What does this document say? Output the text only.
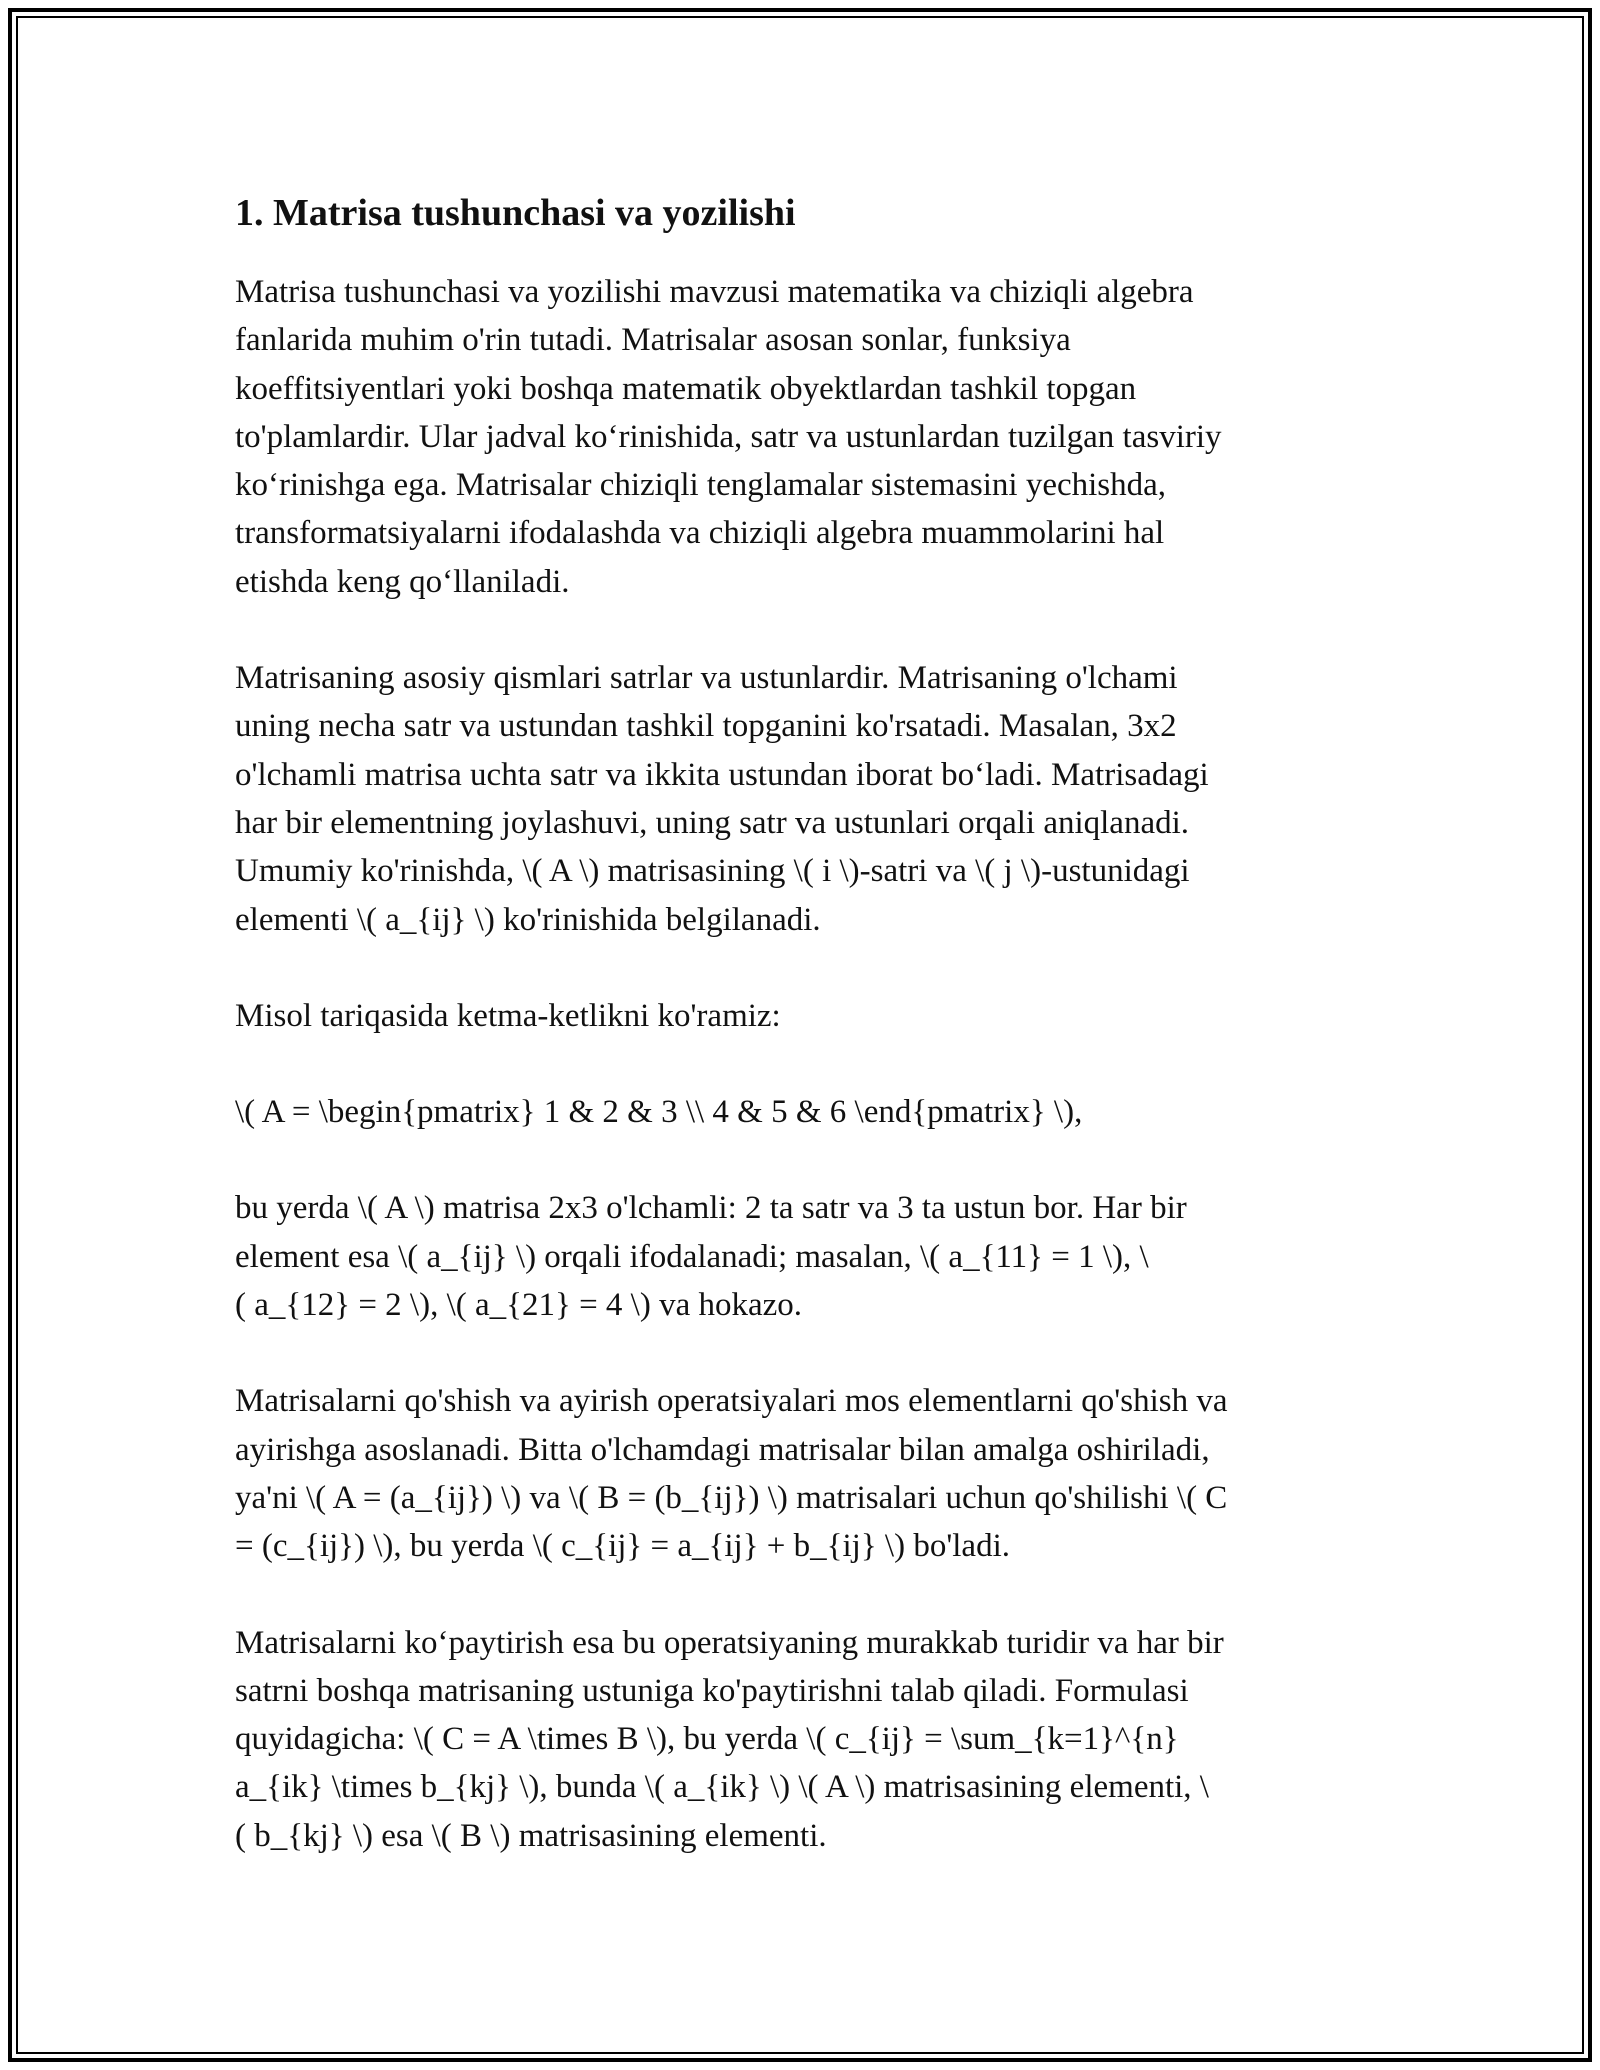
1. Matrisa tushunchasi va yozilishi

Matrisa tushunchasi va yozilishi mavzusi matematika va chiziqli algebra
fanlarida muhim o'rin tutadi. Matrisalar asosan sonlar, funksiya
koeffitsiyentlari yoki boshqa matematik obyektlardan tashkil topgan
to'plamlardir. Ular jadval ko‘rinishida, satr va ustunlardan tuzilgan tasviriy
ko‘rinishga ega. Matrisalar chiziqli tenglamalar sistemasini yechishda,
transformatsiyalarni ifodalashda va chiziqli algebra muammolarini hal
etishda keng qo‘llaniladi.

Matrisaning asosiy qismlari satrlar va ustunlardir. Matrisaning o'lchami
uning necha satr va ustundan tashkil topganini ko'rsatadi. Masalan, 3x2
o'lchamli matrisa uchta satr va ikkita ustundan iborat bo‘ladi. Matrisadagi
har bir elementning joylashuvi, uning satr va ustunlari orqali aniqlanadi.
Umumiy ko'rinishda, \( A \) matrisasining \( i \)-satri va \( j \)-ustunidagi
elementi \( a_{ij} \) ko'rinishida belgilanadi.

Misol tariqasida ketma-ketlikni ko'ramiz:

\( A = \begin{pmatrix} 1 & 2 & 3 \\ 4 & 5 & 6 \end{pmatrix} \),

bu yerda \( A \) matrisa 2x3 o'lchamli: 2 ta satr va 3 ta ustun bor. Har bir
element esa \( a_{ij} \) orqali ifodalanadi; masalan, \( a_{11} = 1 \), \
( a_{12} = 2 \), \( a_{21} = 4 \) va hokazo.

Matrisalarni qo'shish va ayirish operatsiyalari mos elementlarni qo'shish va
ayirishga asoslanadi. Bitta o'lchamdagi matrisalar bilan amalga oshiriladi,
ya'ni \( A = (a_{ij}) \) va \( B = (b_{ij}) \) matrisalari uchun qo'shilishi \( C
= (c_{ij}) \), bu yerda \( c_{ij} = a_{ij} + b_{ij} \) bo'ladi.

Matrisalarni ko‘paytirish esa bu operatsiyaning murakkab turidir va har bir
satrni boshqa matrisaning ustuniga ko'paytirishni talab qiladi. Formulasi
quyidagicha: \( C = A \times B \), bu yerda \( c_{ij} = \sum_{k=1}^{n}
a_{ik} \times b_{kj} \), bunda \( a_{ik} \) \( A \) matrisasining elementi, \
( b_{kj} \) esa \( B \) matrisasining elementi.
